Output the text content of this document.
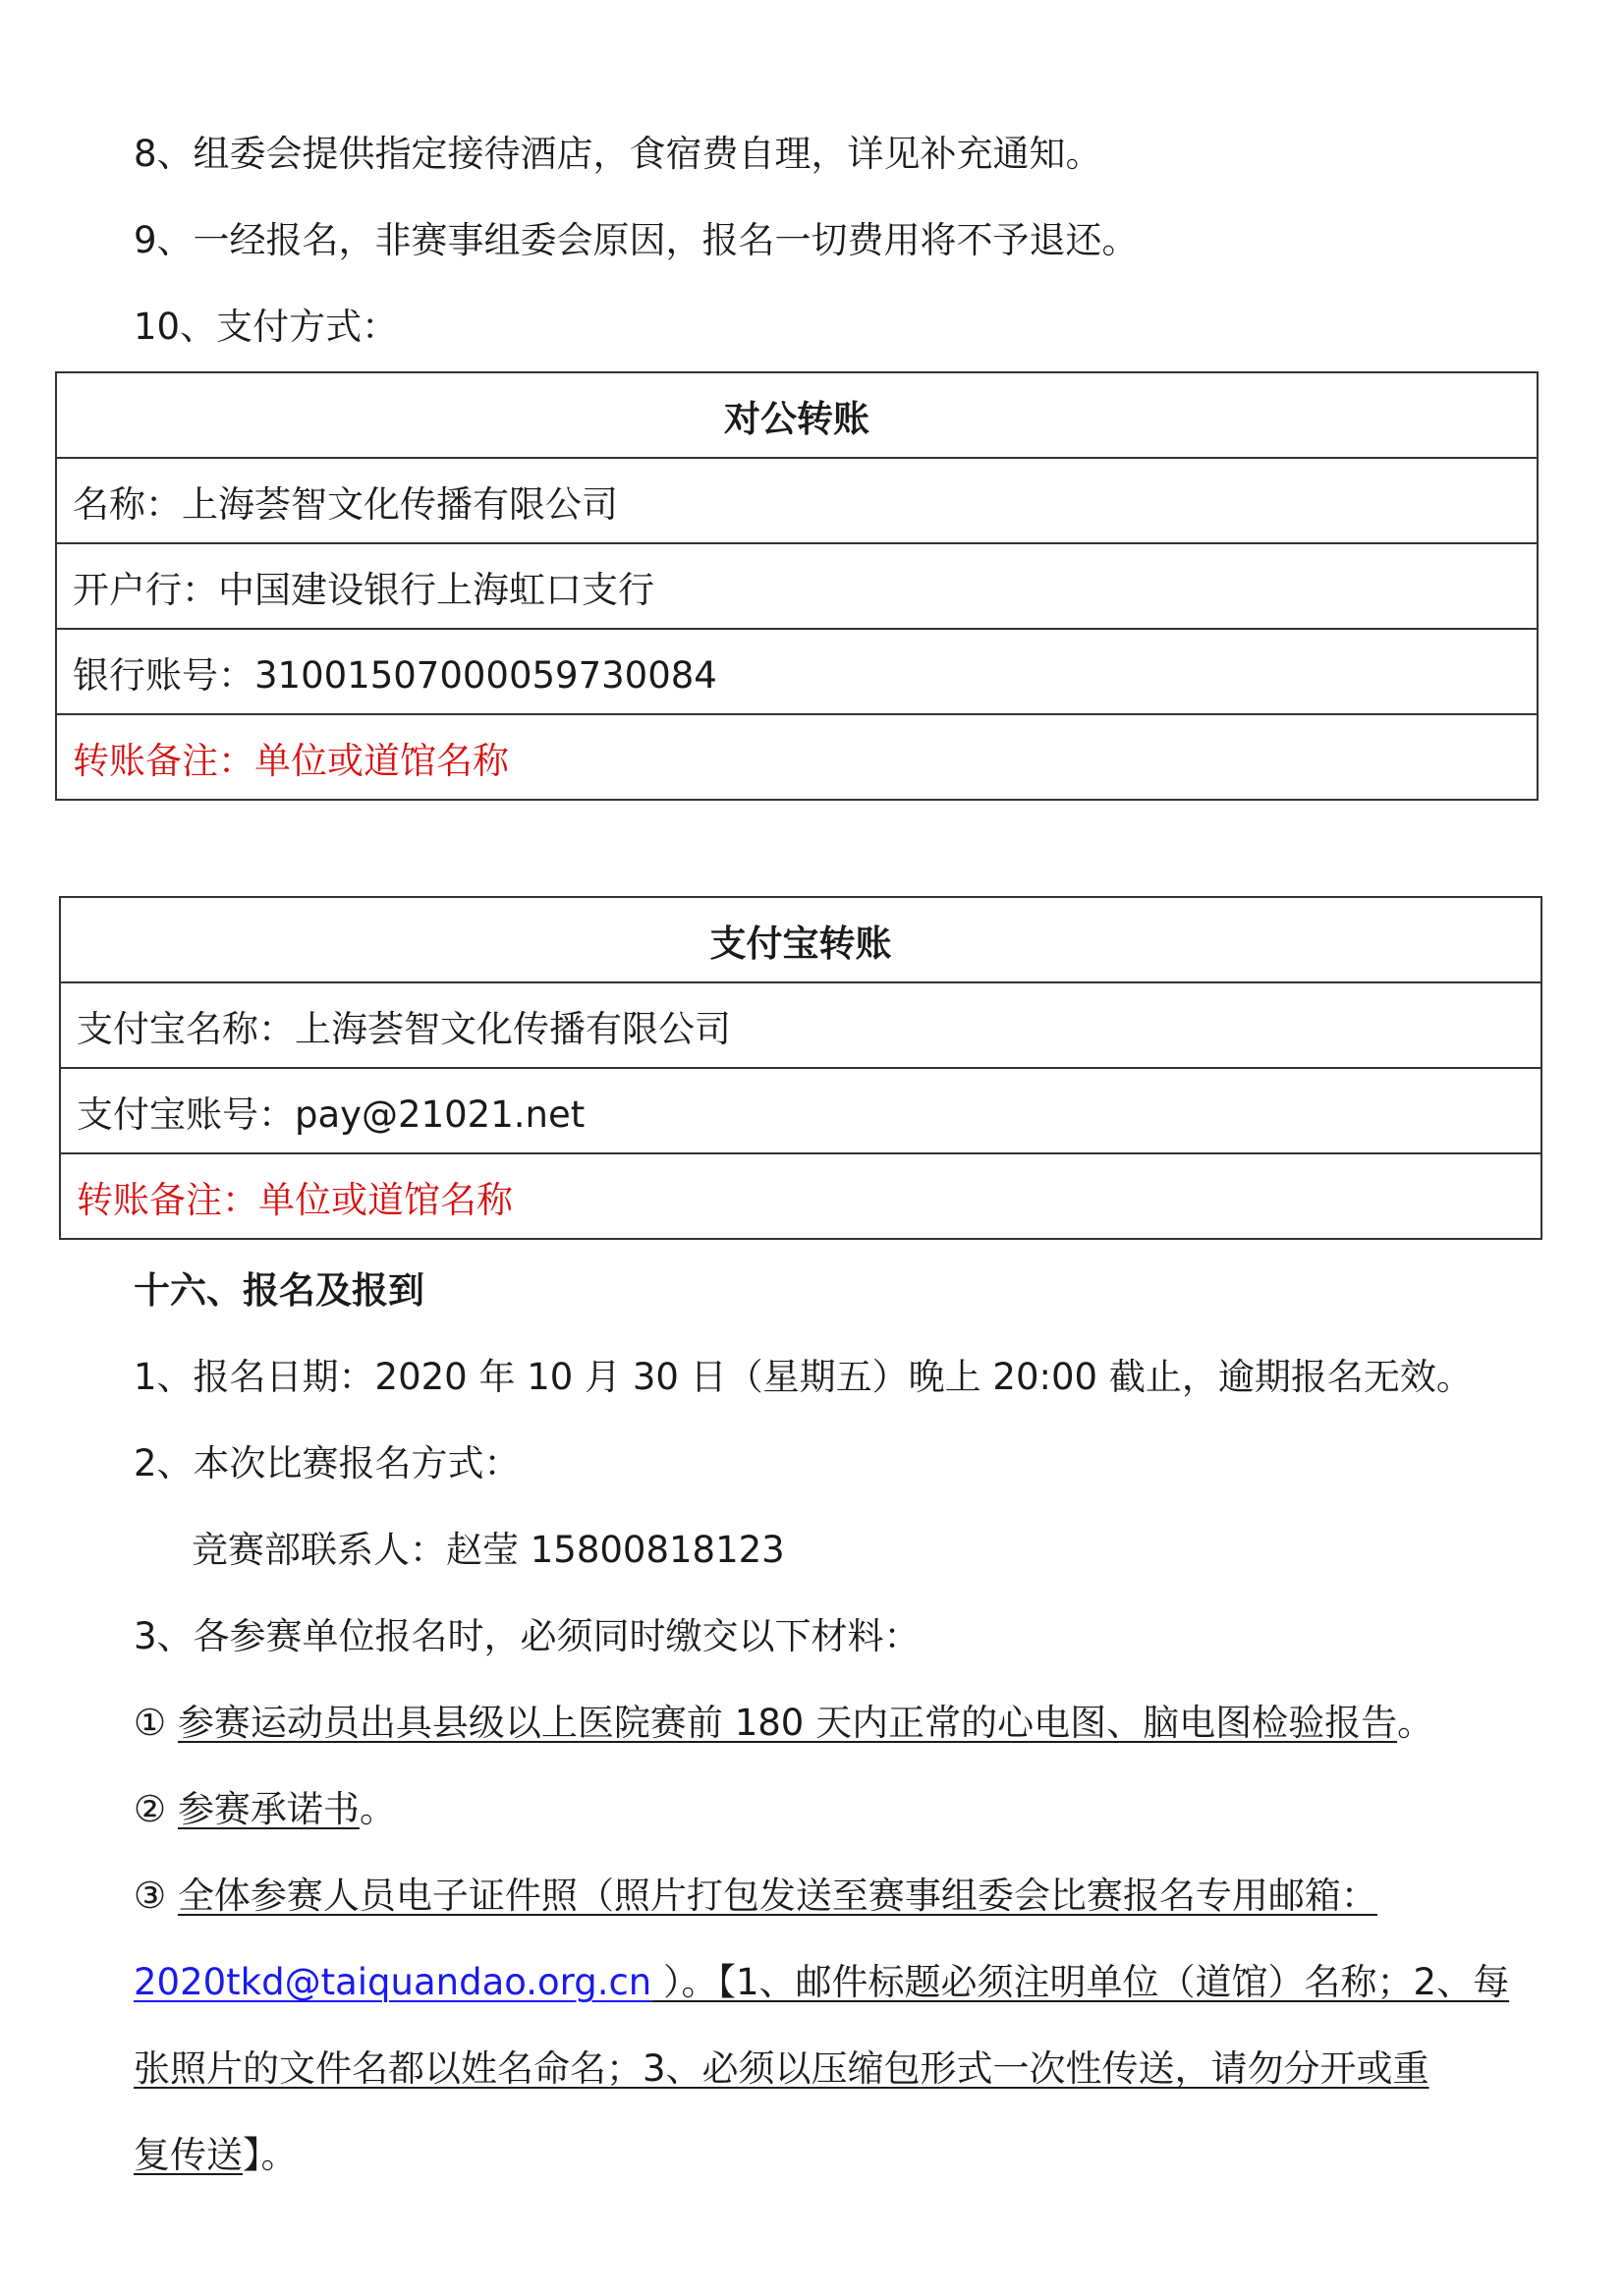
8、组委会提供指定接待酒店，食宿费自理，详见补充通知。
9、一经报名，非赛事组委会原因，报名一切费用将不予退还。
10、支付方式：
对公转账
名称：上海荟智文化传播有限公司
开户行：中国建设银行上海虹口支行
银行账号：31001507000059730084
转账备注：单位或道馆名称
支付宝转账
支付宝名称：上海荟智文化传播有限公司
支付宝账号：pay@21021.net
转账备注：单位或道馆名称
十六、报名及报到
1、报名日期：2020 年 10 月 30 日（星期五）晚上 20:00 截止，逾期报名无效。
2、本次比赛报名方式：
竞赛部联系人：赵莹 15800818123
3、各参赛单位报名时，必须同时缴交以下材料：
① 参赛运动员出具县级以上医院赛前 180 天内正常的心电图、脑电图检验报告。
② 参赛承诺书。
③ 全体参赛人员电子证件照（照片打包发送至赛事组委会比赛报名专用邮箱：
2020tkd@taiquandao.org.cn ）。【1、邮件标题必须注明单位（道馆）名称；2、每
张照片的文件名都以姓名命名；3、必须以压缩包形式一次性传送，请勿分开或重
复传送】。
